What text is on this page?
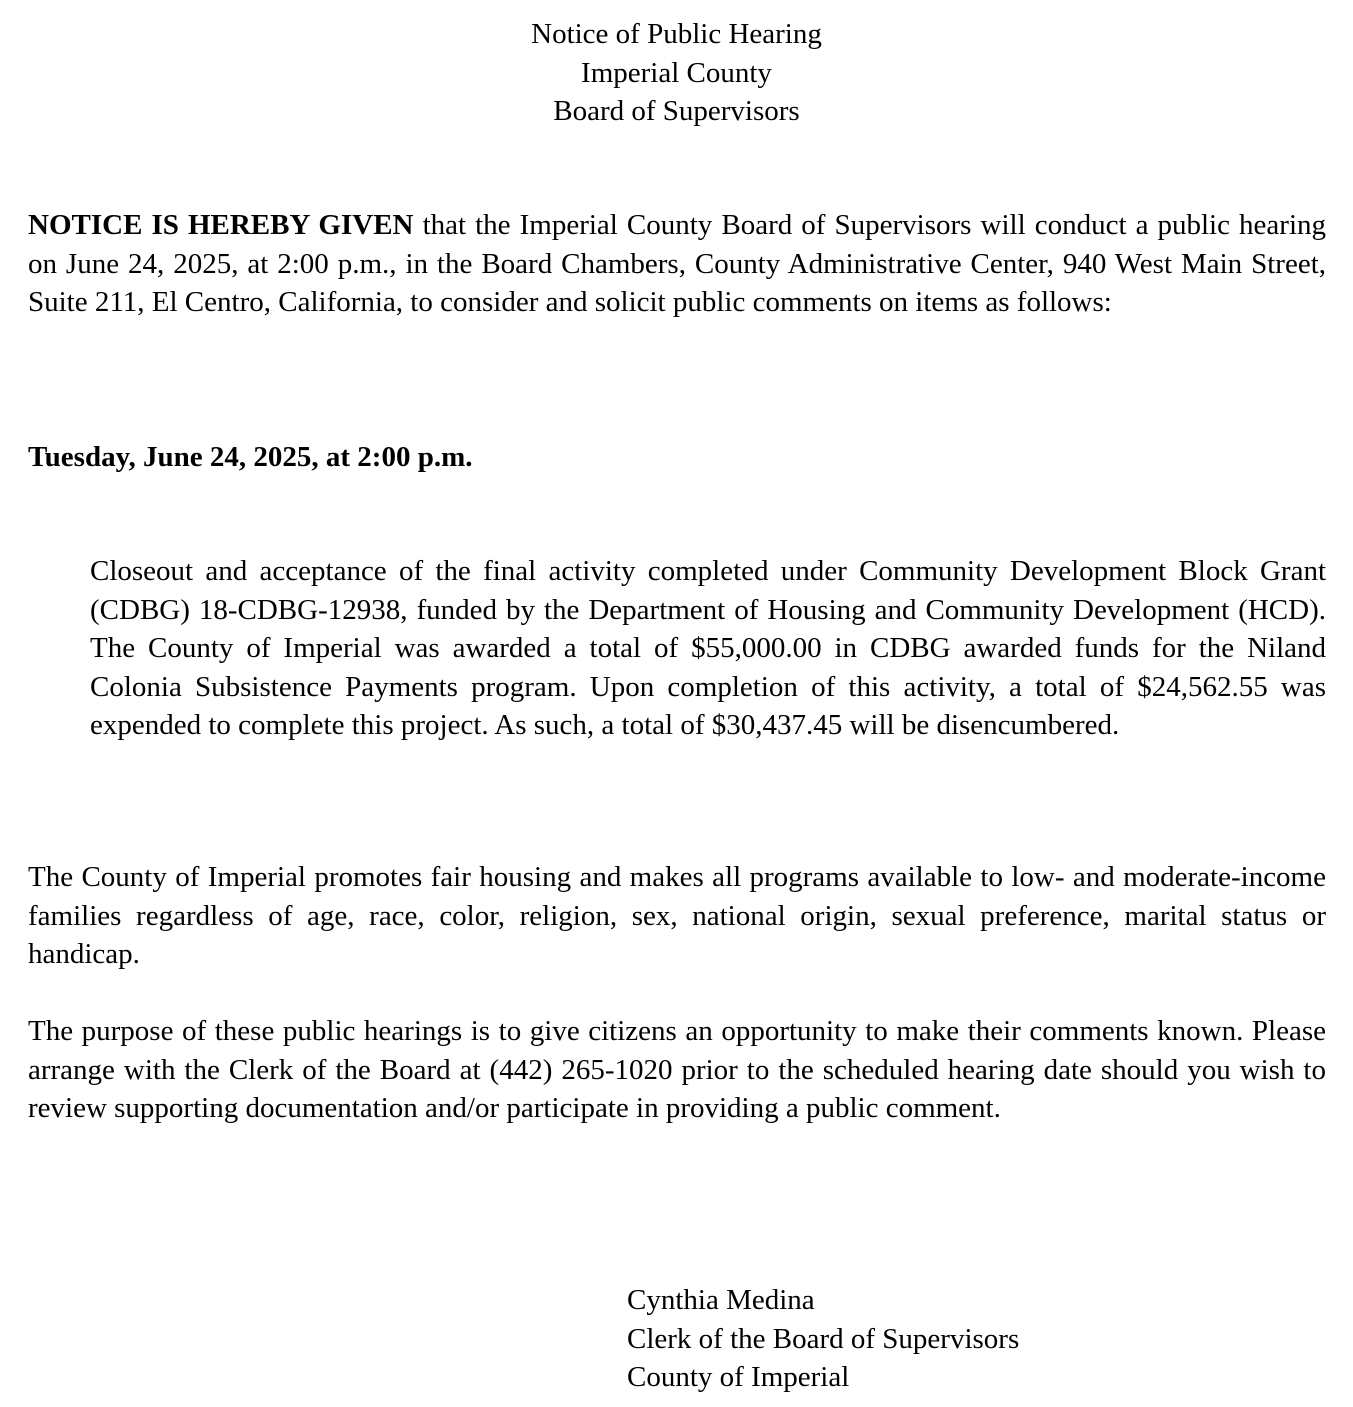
Notice of Public Hearing
Imperial County
Board of Supervisors
NOTICE IS HEREBY GIVEN that the Imperial County Board of Supervisors will conduct a public hearing on June 24, 2025, at 2:00 p.m., in the Board Chambers, County Administrative Center, 940 West Main Street, Suite 211, El Centro, California, to consider and solicit public comments on items as follows:
Tuesday, June 24, 2025, at 2:00 p.m.
Closeout and acceptance of the final activity completed under Community Development Block Grant (CDBG) 18-CDBG-12938, funded by the Department of Housing and Community Development (HCD). The County of Imperial was awarded a total of $55,000.00 in CDBG awarded funds for the Niland Colonia Subsistence Payments program. Upon completion of this activity, a total of $24,562.55 was expended to complete this project. As such, a total of $30,437.45 will be disencumbered.
The County of Imperial promotes fair housing and makes all programs available to low- and moderate-income families regardless of age, race, color, religion, sex, national origin, sexual preference, marital status or handicap.
The purpose of these public hearings is to give citizens an opportunity to make their comments known. Please arrange with the Clerk of the Board at (442) 265-1020 prior to the scheduled hearing date should you wish to review supporting documentation and/or participate in providing a public comment.
Cynthia Medina
Clerk of the Board of Supervisors
County of Imperial
